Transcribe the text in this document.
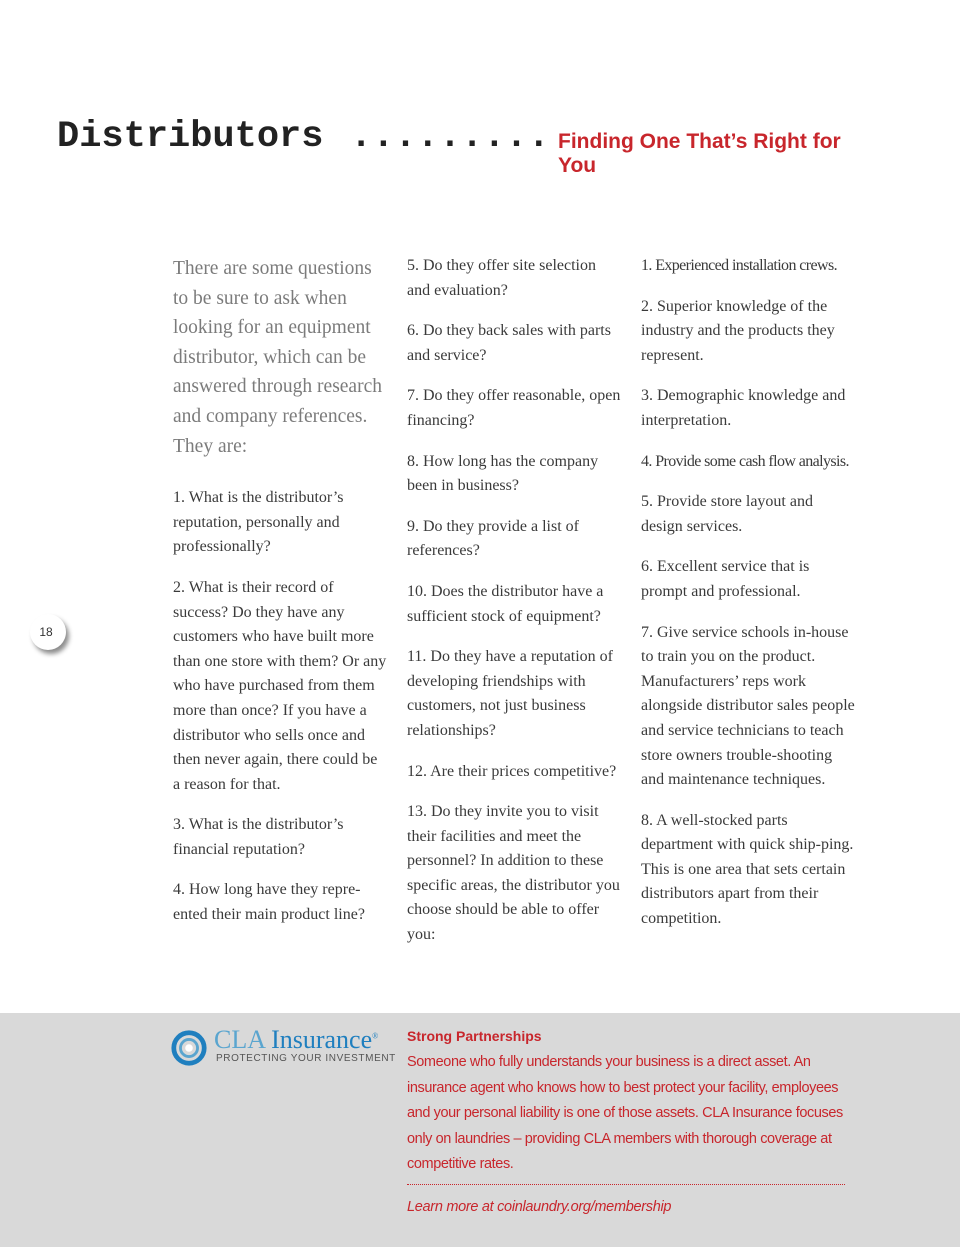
Distributors ......... Finding One That’s Right for You
18

There are some questions to be sure to ask when looking for an equipment distributor, which can be answered through research and company references. They are:

1. What is the distributor’s reputation, personally and professionally?

2. What is their record of success? Do they have any customers who have built more than one store with them? Or any who have purchased from them more than once? If you have a distributor who sells once and then never again, there could be a reason for that.

3. What is the distributor’s financial reputation?

4. How long have they repre-ented their main product line?

5. Do they offer site selection and evaluation?

6. Do they back sales with parts and service?

7. Do they offer reasonable, open financing?

8. How long has the company been in business?

9. Do they provide a list of references?

10. Does the distributor have a sufficient stock of equipment?

11. Do they have a reputation of developing friendships with customers, not just business relationships?

12. Are their prices competitive?

13. Do they invite you to visit their facilities and meet the personnel? In addition to these specific areas, the distributor you choose should be able to offer you:

1. Experienced installation crews.

2. Superior knowledge of the industry and the products they represent.

3. Demographic knowledge and interpretation.

4. Provide some cash flow analysis.

5. Provide store layout and design services.

6. Excellent service that is prompt and professional.

7. Give service schools in-house to train you on the product. Manufacturers’ reps work alongside distributor sales people and service technicians to teach store owners trouble-shooting and maintenance techniques.

8. A well-stocked parts department with quick ship-ping. This is one area that sets certain distributors apart from their competition.

CLA Insurance®
PROTECTING YOUR INVESTMENT
Strong Partnerships
Someone who fully understands your business is a direct asset. An insurance agent who knows how to best protect your facility, employees and your personal liability is one of those assets. CLA Insurance focuses only on laundries – providing CLA members with thorough coverage at competitive rates.
Learn more at coinlaundry.org/membership
